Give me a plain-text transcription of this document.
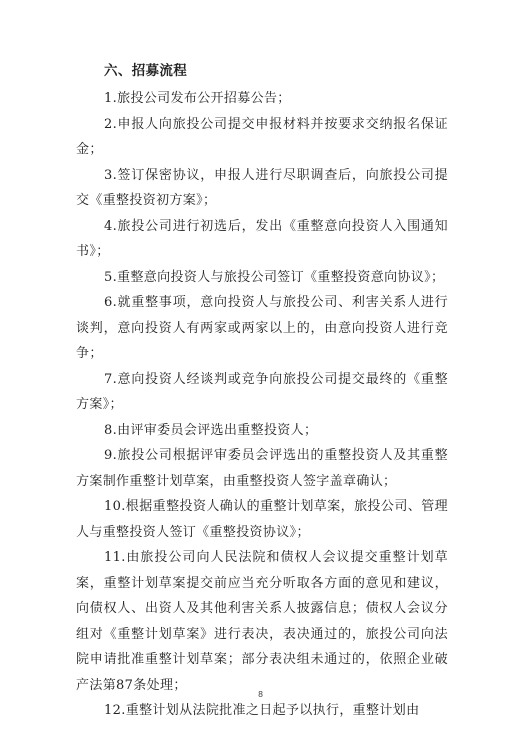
六、招募流程

1.旅投公司发布公开招募公告；

2.申报人向旅投公司提交申报材料并按要求交纳报名保证金；

3.签订保密协议，申报人进行尽职调查后，向旅投公司提交《重整投资初方案》；

4.旅投公司进行初选后，发出《重整意向投资人入围通知书》；

5.重整意向投资人与旅投公司签订《重整投资意向协议》；

6.就重整事项，意向投资人与旅投公司、利害关系人进行谈判，意向投资人有两家或两家以上的，由意向投资人进行竞争；

7.意向投资人经谈判或竞争向旅投公司提交最终的《重整方案》；

8.由评审委员会评选出重整投资人；

9.旅投公司根据评审委员会评选出的重整投资人及其重整方案制作重整计划草案，由重整投资人签字盖章确认；

10.根据重整投资人确认的重整计划草案，旅投公司、管理人与重整投资人签订《重整投资协议》；

11.由旅投公司向人民法院和债权人会议提交重整计划草案，重整计划草案提交前应当充分听取各方面的意见和建议，向债权人、出资人及其他利害关系人披露信息；债权人会议分组对《重整计划草案》进行表决，表决通过的，旅投公司向法院申请批准重整计划草案；部分表决组未通过的，依照企业破产法第87条处理；

12.重整计划从法院批准之日起予以执行，重整计划由

8
